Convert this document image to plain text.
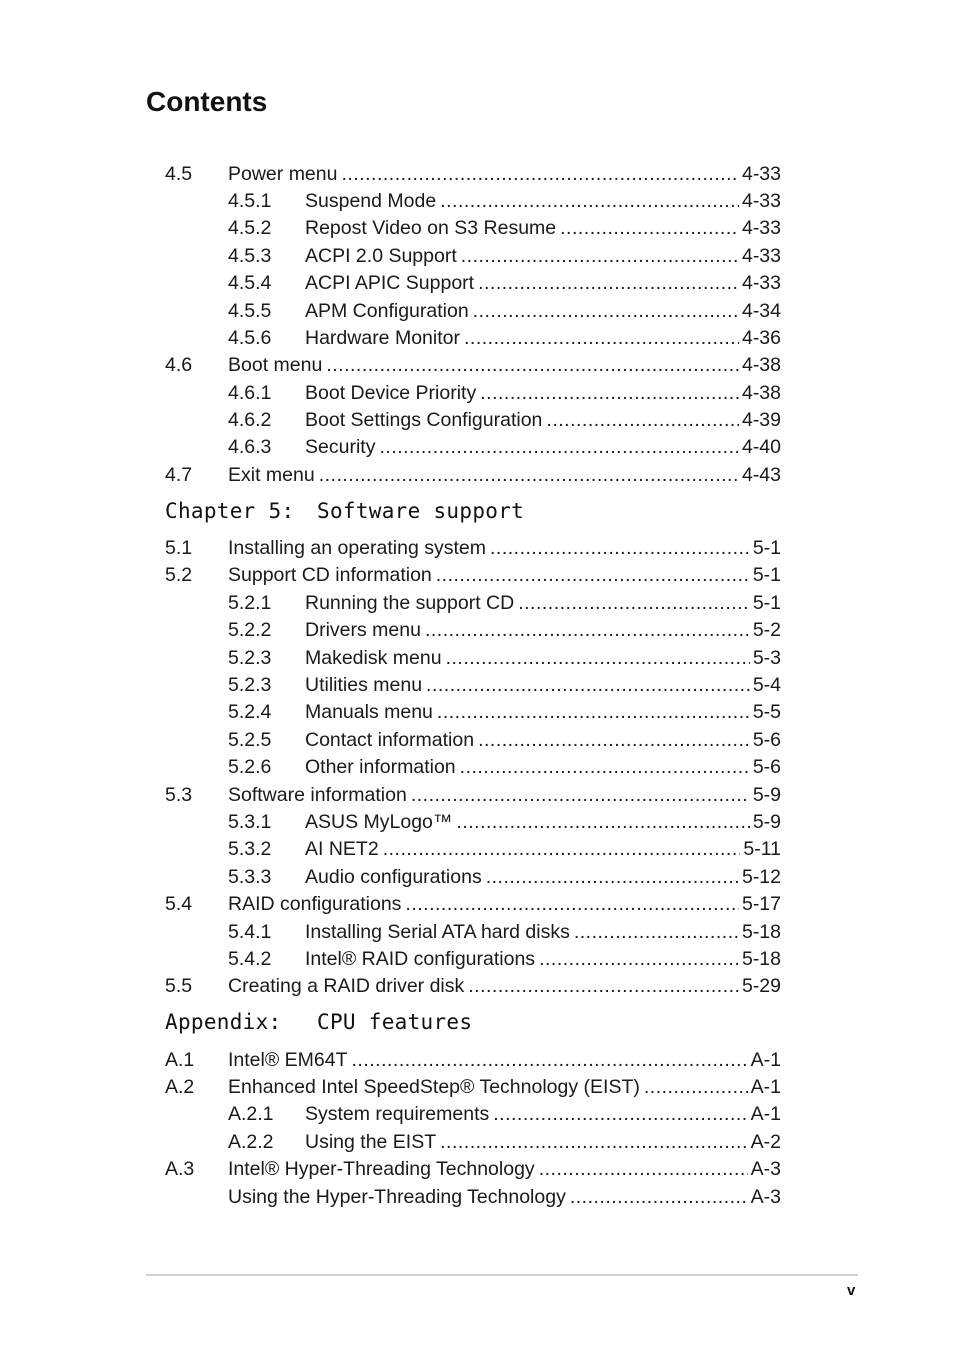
Contents
4.5 Power menu .....	4-33
4.5.1 Suspend Mode .....	4-33
4.5.2 Repost Video on S3 Resume .....	4-33
4.5.3 ACPI 2.0 Support .....	4-33
4.5.4 ACPI APIC Support .....	4-33
4.5.5 APM Configuration .....	4-34
4.5.6 Hardware Monitor .....	4-36
4.6 Boot menu .....	4-38
4.6.1 Boot Device Priority .....	4-38
4.6.2 Boot Settings Configuration .....	4-39
4.6.3 Security .....	4-40
4.7 Exit menu .....	4-43
Chapter 5: Software support
5.1 Installing an operating system .....	5-1
5.2 Support CD information .....	5-1
5.2.1 Running the support CD .....	5-1
5.2.2 Drivers menu .....	5-2
5.2.3 Makedisk menu .....	5-3
5.2.3 Utilities menu .....	5-4
5.2.4 Manuals menu .....	5-5
5.2.5 Contact information .....	5-6
5.2.6 Other information .....	5-6
5.3 Software information .....	5-9
5.3.1 ASUS MyLogo™ .....	5-9
5.3.2 AI NET2 .....	5-11
5.3.3 Audio configurations .....	5-12
5.4 RAID configurations .....	5-17
5.4.1 Installing Serial ATA hard disks .....	5-18
5.4.2 Intel® RAID configurations .....	5-18
5.5 Creating a RAID driver disk .....	5-29
Appendix: CPU features
A.1 Intel® EM64T .....	A-1
A.2 Enhanced Intel SpeedStep® Technology (EIST) .....	A-1
A.2.1 System requirements .....	A-1
A.2.2 Using the EIST .....	A-2
A.3 Intel® Hyper-Threading Technology .....	A-3
Using the Hyper-Threading Technology .....	A-3
v
